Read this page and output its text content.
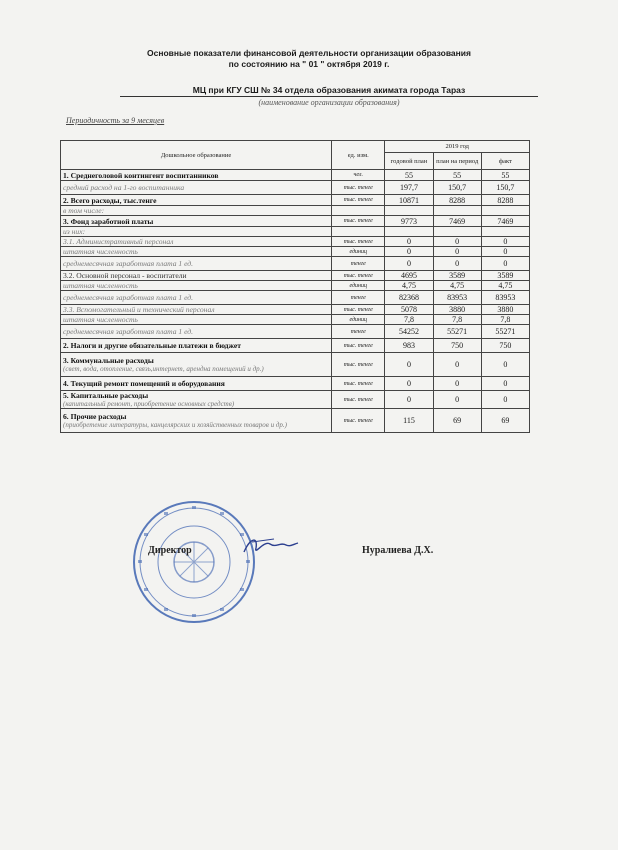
Основные показатели финансовой деятельности организации образования
по состоянию на " 01 " октября 2019 г.
МЦ при КГУ СШ № 34 отдела образования акимата города Тараз
(наименование организации образования)
Периодичность за 9 месяцев
Дошкольное образование	ед. изм.	2019 год		
		годовой план	план на период	факт
1. Среднеголовой контингент воспитанников	чел.	55	55	55
средний расход на 1-го воспитанника	тыс. тенге	197,7	150,7	150,7
2. Всего расходы, тыс.тенге	тыс. тенге	10871	8288	8288
в том числе:				
3. Фонд заработной платы	тыс. тенге	9773	7469	7469
из них:				
3.1. Административный персонал	тыс. тенге	0	0	0
штатная численность	единиц	0	0	0
среднемесячная заработная плата 1 ед.	тенге	0	0	0
3.2. Основной персонал - воспитатели	тыс. тенге	4695	3589	3589
штатная численность	единиц	4,75	4,75	4,75
среднемесячная заработная плата 1 ед.	тенге	82368	83953	83953
3.3. Вспомогательный и технический персонал	тыс. тенге	5078	3880	3880
штатная численность	единиц	7,8	7,8	7,8
среднемесячная заработная плата 1 ед.	тенге	54252	55271	55271
2. Налоги и другие обязательные платежи в бюджет	тыс. тенге	983	750	750
3. Коммунальные расходы
(свет, вода, отопление, связь,интернет, арендна помещений и др.)	тыс. тенге	0	0	0
4. Текущий ремонт помещений и оборудования	тыс. тенге	0	0	0
5. Капитальные расходы
(капитальный ремонт, приобретение основных средств)	тыс. тенге	0	0	0
6. Прочие расходы
(приобретение литературы, канцелярских и хозяйственных товаров и др.)	тыс. тенге	115	69	69
Директор	Нуралиева Д.Х.
